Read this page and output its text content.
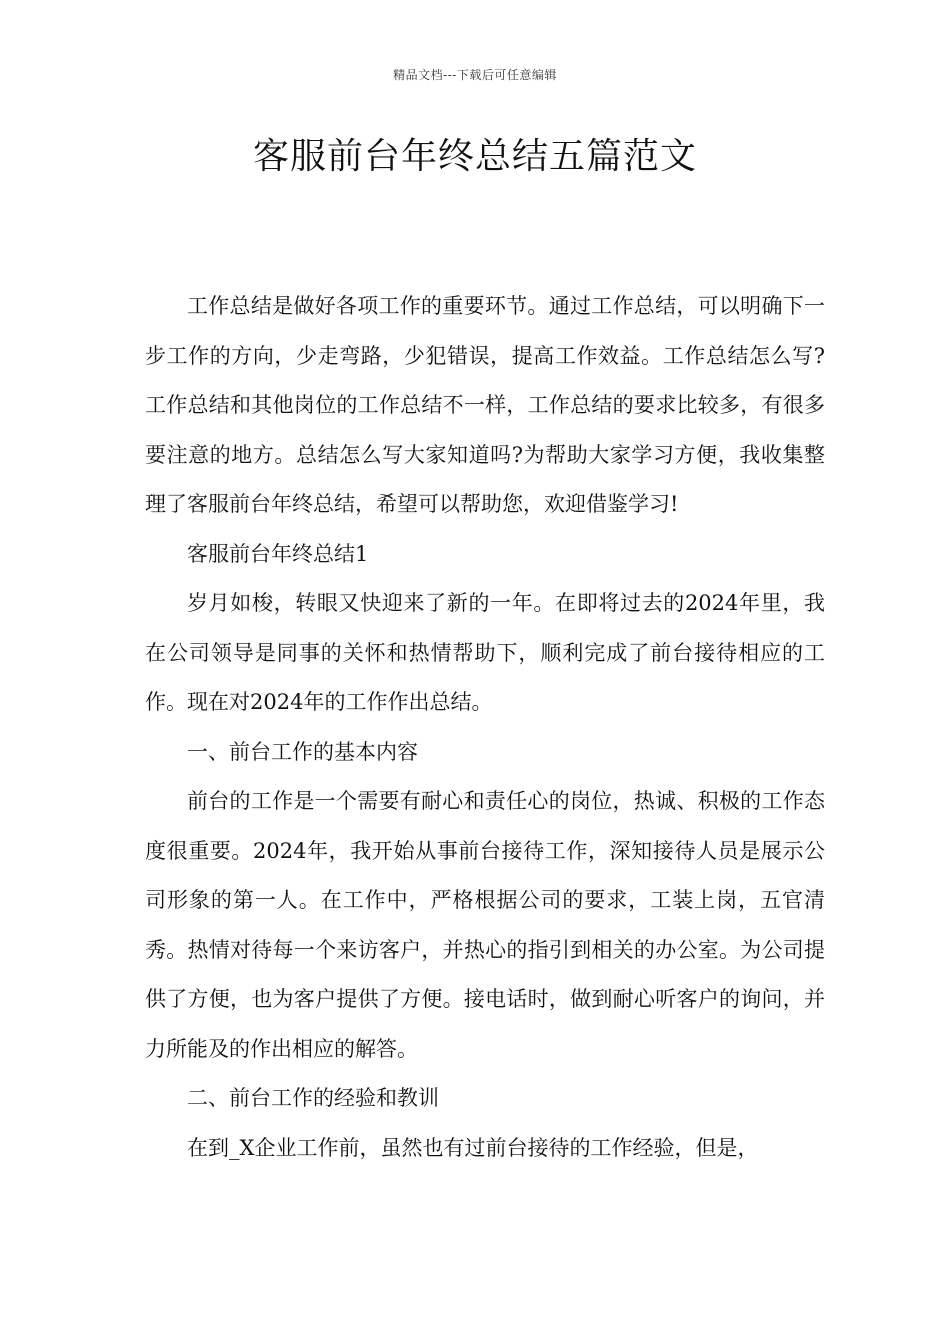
精品文档---下载后可任意编辑
客服前台年终总结五篇范文

工作总结是做好各项工作的重要环节。通过工作总结，可以明确下一步工作的方向，少走弯路，少犯错误，提高工作效益。工作总结怎么写?工作总结和其他岗位的工作总结不一样，工作总结的要求比较多，有很多要注意的地方。总结怎么写大家知道吗?为帮助大家学习方便，我收集整理了客服前台年终总结，希望可以帮助您，欢迎借鉴学习!

客服前台年终总结1

岁月如梭，转眼又快迎来了新的一年。在即将过去的2024年里，我在公司领导是同事的关怀和热情帮助下，顺利完成了前台接待相应的工作。现在对2024年的工作作出总结。

一、前台工作的基本内容

前台的工作是一个需要有耐心和责任心的岗位，热诚、积极的工作态度很重要。2024年，我开始从事前台接待工作，深知接待人员是展示公司形象的第一人。在工作中，严格根据公司的要求，工装上岗，五官清秀。热情对待每一个来访客户，并热心的指引到相关的办公室。为公司提供了方便，也为客户提供了方便。接电话时，做到耐心听客户的询问，并力所能及的作出相应的解答。

二、前台工作的经验和教训

在到_X企业工作前，虽然也有过前台接待的工作经验，但是，
